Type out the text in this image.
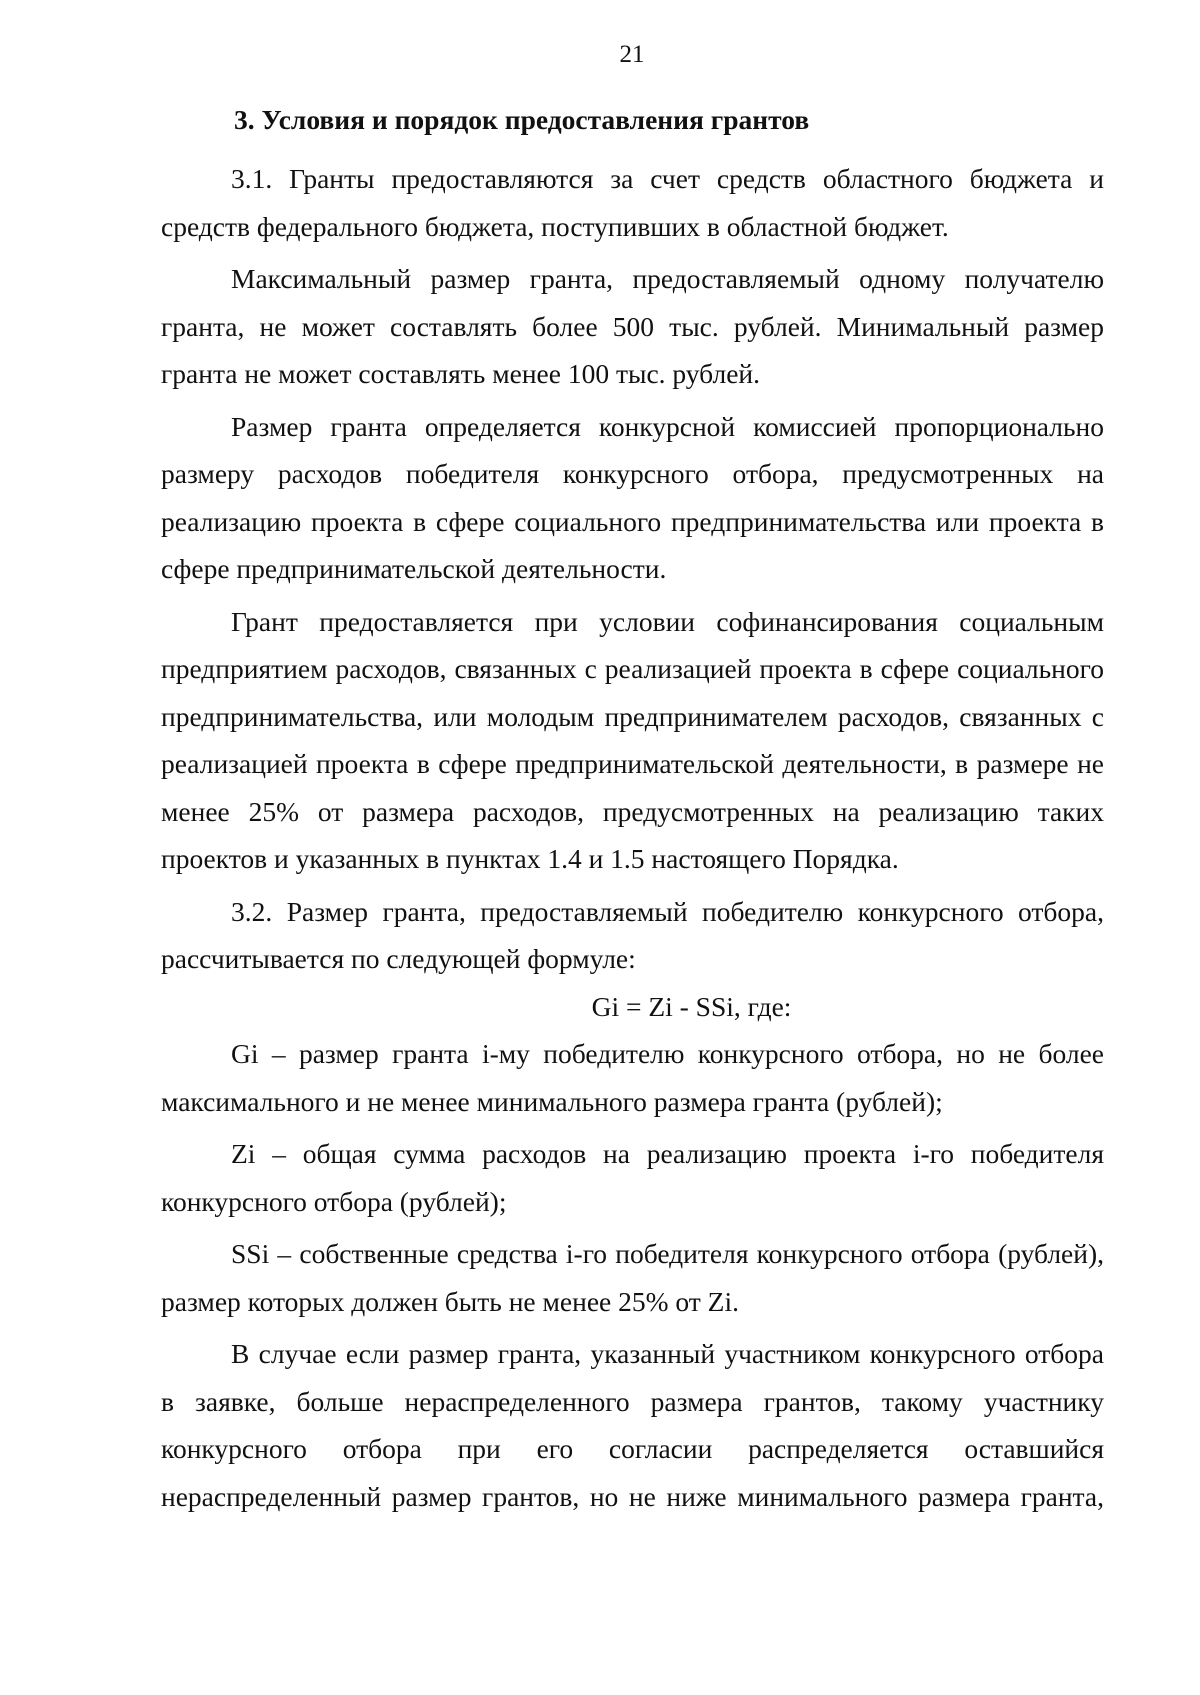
21
3. Условия и порядок предоставления грантов

3.1. Гранты предоставляются за счет средств областного бюджета и средств федерального бюджета, поступивших в областной бюджет.

Максимальный размер гранта, предоставляемый одному получателю гранта, не может составлять более 500 тыс. рублей. Минимальный размер гранта не может составлять менее 100 тыс. рублей.

Размер гранта определяется конкурсной комиссией пропорционально размеру расходов победителя конкурсного отбора, предусмотренных на реализацию проекта в сфере социального предпринимательства или проекта в сфере предпринимательской деятельности.

Грант предоставляется при условии софинансирования социальным предприятием расходов, связанных с реализацией проекта в сфере социального предпринимательства, или молодым предпринимателем расходов, связанных с реализацией проекта в сфере предпринимательской деятельности, в размере не менее 25% от размера расходов, предусмотренных на реализацию таких проектов и указанных в пунктах 1.4 и 1.5 настоящего Порядка.

3.2. Размер гранта, предоставляемый победителю конкурсного отбора, рассчитывается по следующей формуле:

Gi = Zi - SSi, где:

Gi – размер гранта i-му победителю конкурсного отбора, но не более максимального и не менее минимального размера гранта (рублей);

Zi – общая сумма расходов на реализацию проекта i-го победителя конкурсного отбора (рублей);

SSi – собственные средства i-го победителя конкурсного отбора (рублей), размер которых должен быть не менее 25% от Zi.

В случае если размер гранта, указанный участником конкурсного отбора в заявке, больше нераспределенного размера грантов, такому участнику конкурсного отбора при его согласии распределяется оставшийся нераспределенный размер грантов, но не ниже минимального размера гранта,
